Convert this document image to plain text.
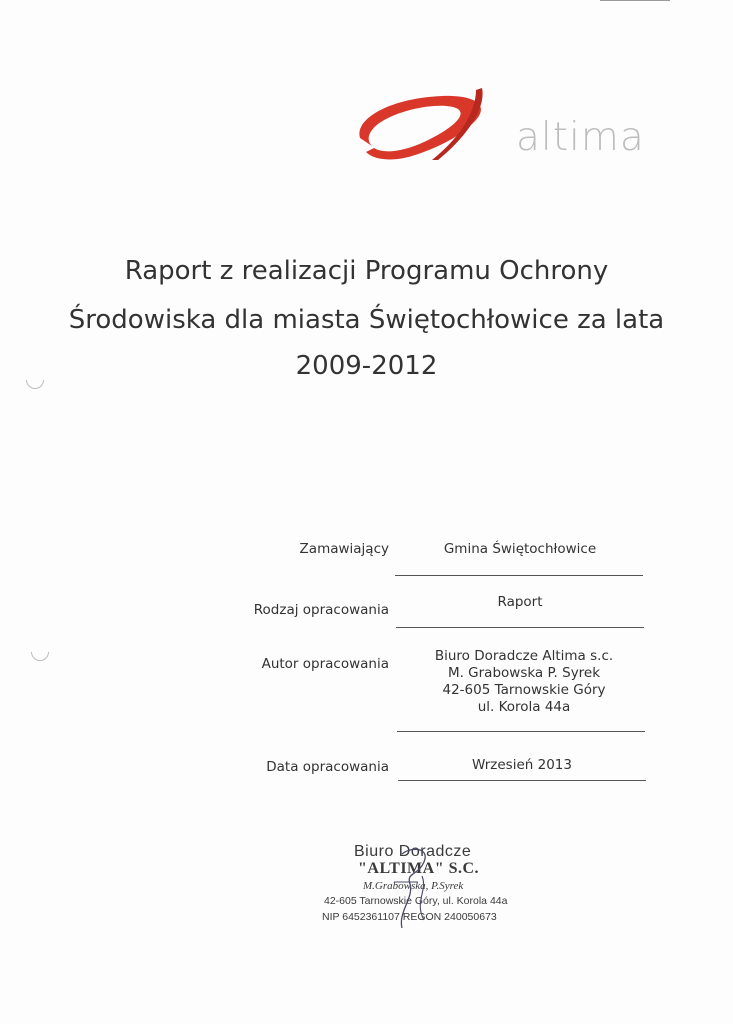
altima
Raport z realizacji Programu Ochrony
Środowiska dla miasta Świętochłowice za lata
2009-2012
Zamawiający	Gmina Świętochłowice
Rodzaj opracowania	Raport
Autor opracowania	Biuro Doradcze Altima s.c.
M. Grabowska P. Syrek
42-605 Tarnowskie Góry
ul. Korola 44a
Data opracowania	Wrzesień 2013
Biuro Doradcze
"ALTIMA" S.C.
M.Grabowska, P.Syrek
42-605 Tarnowskie Góry, ul. Korola 44a
NIP 6452361107 REGON 240050673
